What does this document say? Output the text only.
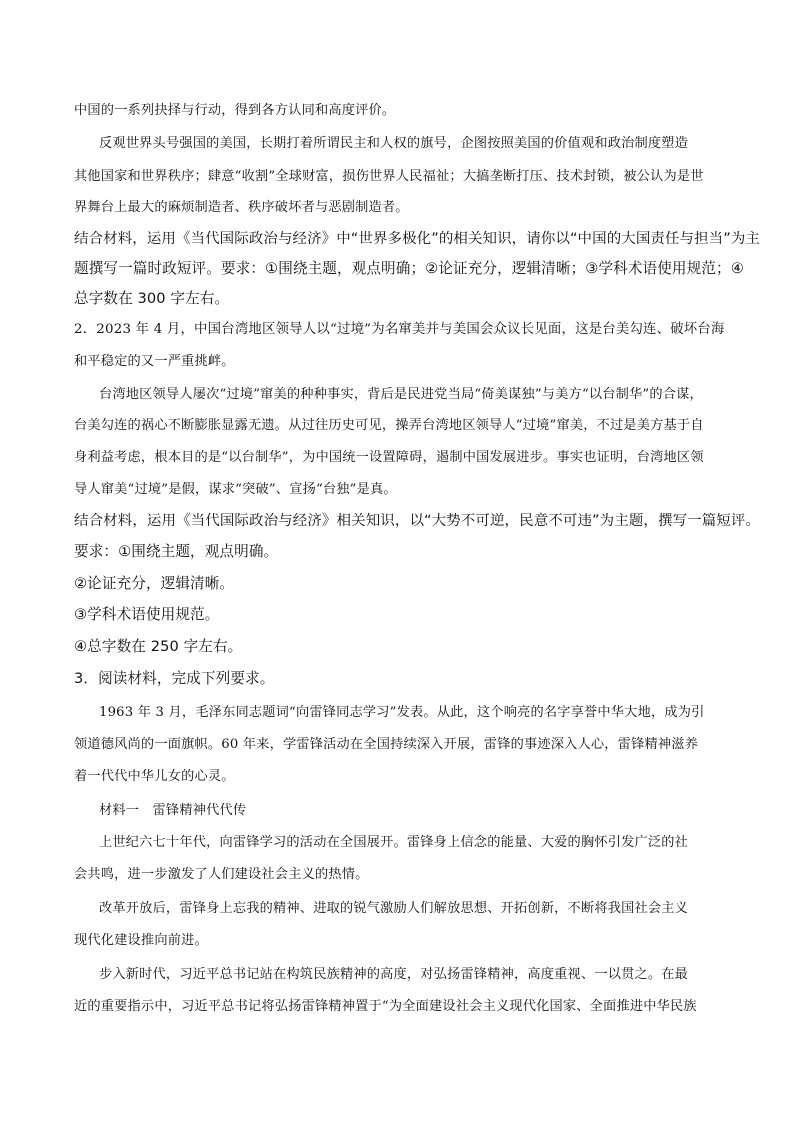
中国的一系列抉择与行动，得到各方认同和高度评价。
反观世界头号强国的美国，长期打着所谓民主和人权的旗号，企图按照美国的价值观和政治制度塑造
其他国家和世界秩序；肆意“收割”全球财富，损伤世界人民福祉；大搞垄断打压、技术封锁，被公认为是世
界舞台上最大的麻烦制造者、秩序破坏者与恶剧制造者。
结合材料，运用《当代国际政治与经济》中“世界多极化”的相关知识，请你以“中国的大国责任与担当”为主
题撰写一篇时政短评。要求：①围绕主题，观点明确；②论证充分，逻辑清晰；③学科术语使用规范；④
总字数在 300 字左右。
2．2023 年 4 月，中国台湾地区领导人以“过境”为名窜美并与美国会众议长见面，这是台美勾连、破坏台海
和平稳定的又一严重挑衅。
台湾地区领导人屡次“过境”窜美的种种事实，背后是民进党当局“倚美谋独”与美方“以台制华”的合谋，
台美勾连的祸心不断膨胀显露无遗。从过往历史可见，操弄台湾地区领导人“过境”窜美，不过是美方基于自
身利益考虑，根本目的是“以台制华”，为中国统一设置障碍，遏制中国发展进步。事实也证明，台湾地区领
导人窜美“过境”是假，谋求“突破”、宣扬“台独”是真。
结合材料，运用《当代国际政治与经济》相关知识，以“大势不可逆，民意不可违”为主题，撰写一篇短评。
要求：①围绕主题，观点明确。
②论证充分，逻辑清晰。
③学科术语使用规范。
④总字数在 250 字左右。
3．阅读材料，完成下列要求。
1963 年 3 月，毛泽东同志题词“向雷锋同志学习”发表。从此，这个响亮的名字享誉中华大地，成为引
领道德风尚的一面旗帜。60 年来，学雷锋活动在全国持续深入开展，雷锋的事迹深入人心，雷锋精神滋养
着一代代中华儿女的心灵。
材料一　雷锋精神代代传
上世纪六七十年代，向雷锋学习的活动在全国展开。雷锋身上信念的能量、大爱的胸怀引发广泛的社
会共鸣，进一步激发了人们建设社会主义的热情。
改革开放后，雷锋身上忘我的精神、进取的锐气激励人们解放思想、开拓创新，不断将我国社会主义
现代化建设推向前进。
步入新时代，习近平总书记站在构筑民族精神的高度，对弘扬雷锋精神，高度重视、一以贯之。在最
近的重要指示中，习近平总书记将弘扬雷锋精神置于“为全面建设社会主义现代化国家、全面推进中华民族
